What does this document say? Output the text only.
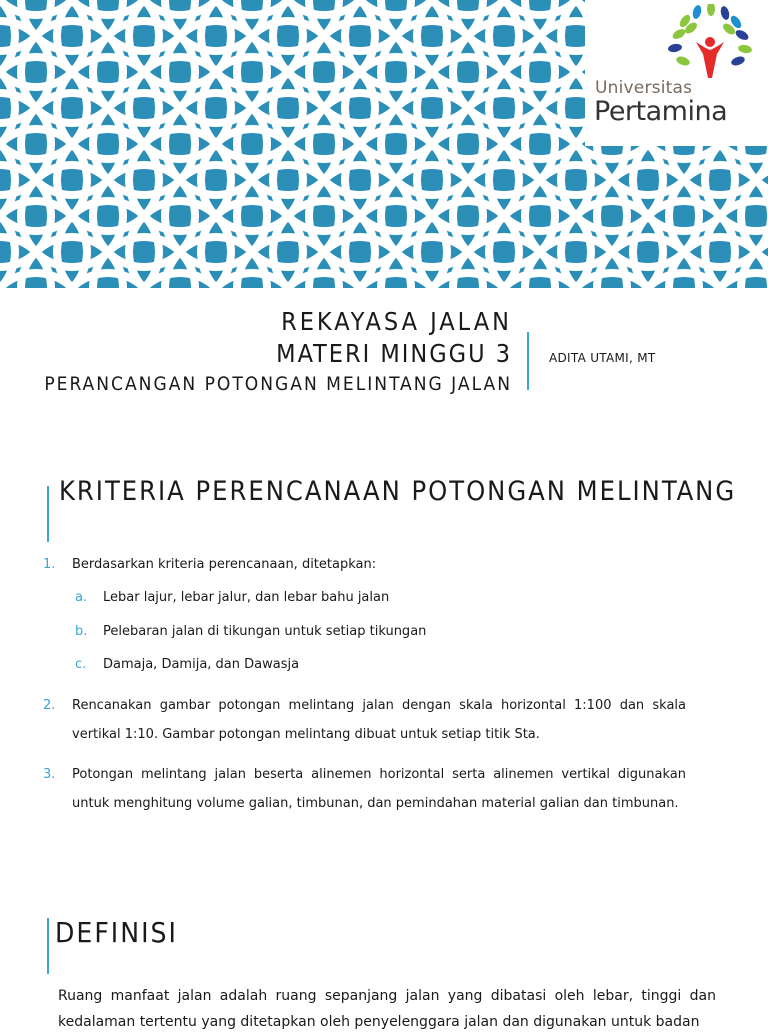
Universitas
Pertamina
REKAYASA JALAN
MATERI MINGGU 3
PERANCANGAN POTONGAN MELINTANG JALAN
ADITA UTAMI, MT
KRITERIA PERENCANAAN POTONGAN MELINTANG
1. Berdasarkan kriteria perencanaan, ditetapkan:
a. Lebar lajur, lebar jalur, dan lebar bahu jalan
b. Pelebaran jalan di tikungan untuk setiap tikungan
c. Damaja, Damija, dan Dawasja
2. Rencanakan gambar potongan melintang jalan dengan skala horizontal 1:100 dan skala vertikal 1:10. Gambar potongan melintang dibuat untuk setiap titik Sta.
3. Potongan melintang jalan beserta alinemen horizontal serta alinemen vertikal digunakan untuk menghitung volume galian, timbunan, dan pemindahan material galian dan timbunan.
DEFINISI
Ruang manfaat jalan adalah ruang sepanjang jalan yang dibatasi oleh lebar, tinggi dan kedalaman tertentu yang ditetapkan oleh penyelenggara jalan dan digunakan untuk badan
